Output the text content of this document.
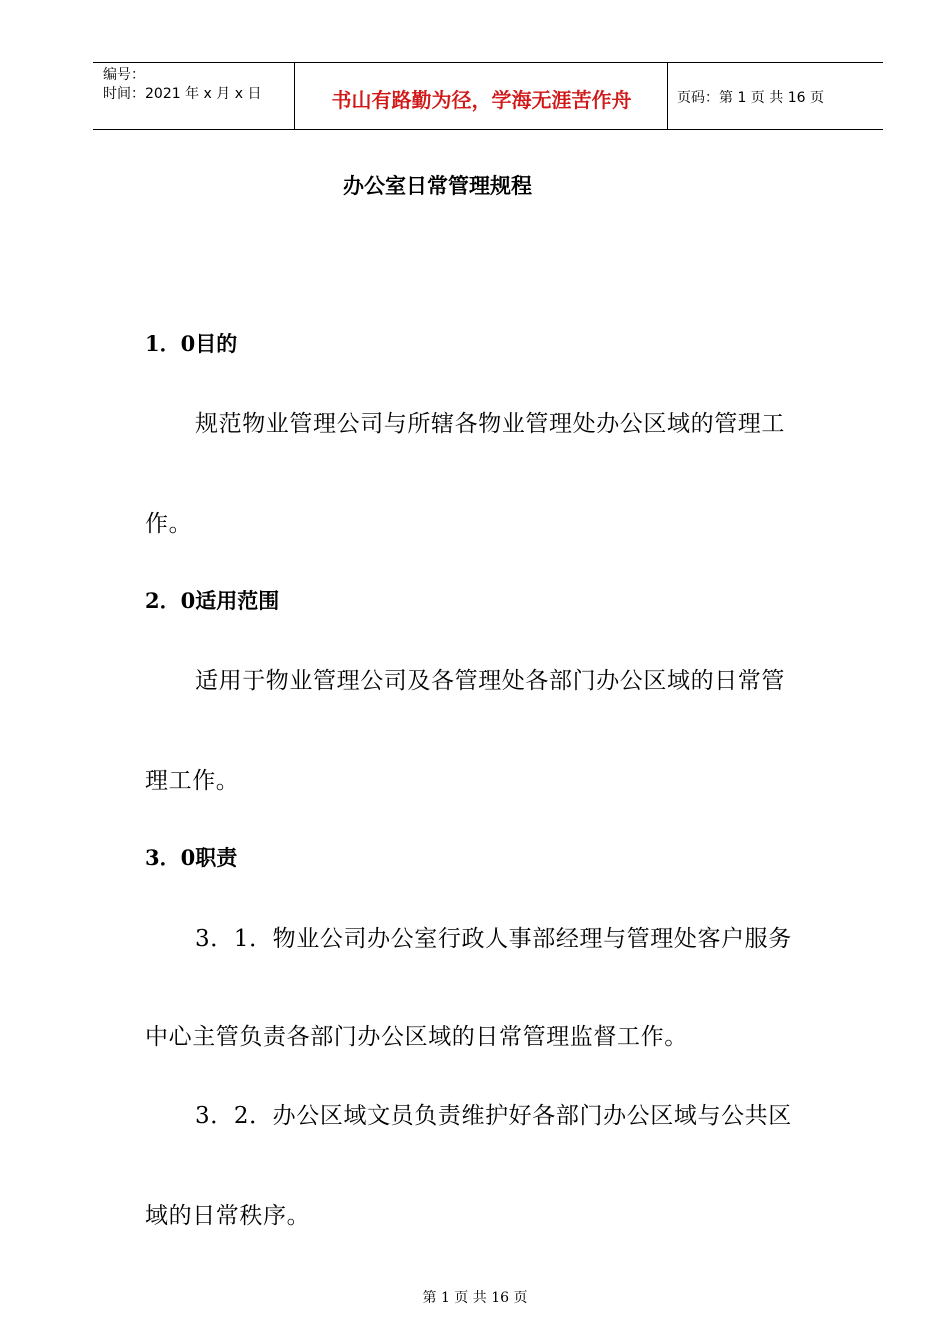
编号：
时间：2021 年 x 月 x 日	书山有路勤为径，学海无涯苦作舟	页码：第 1 页 共 16 页
办公室日常管理规程
1．0目的
规范物业管理公司与所辖各物业管理处办公区域的管理工
作。
2．0适用范围
适用于物业管理公司及各管理处各部门办公区域的日常管
理工作。
3．0职责
3．1．物业公司办公室行政人事部经理与管理处客户服务
中心主管负责各部门办公区域的日常管理监督工作。
3．2．办公区域文员负责维护好各部门办公区域与公共区
域的日常秩序。
第 1 页 共 16 页
